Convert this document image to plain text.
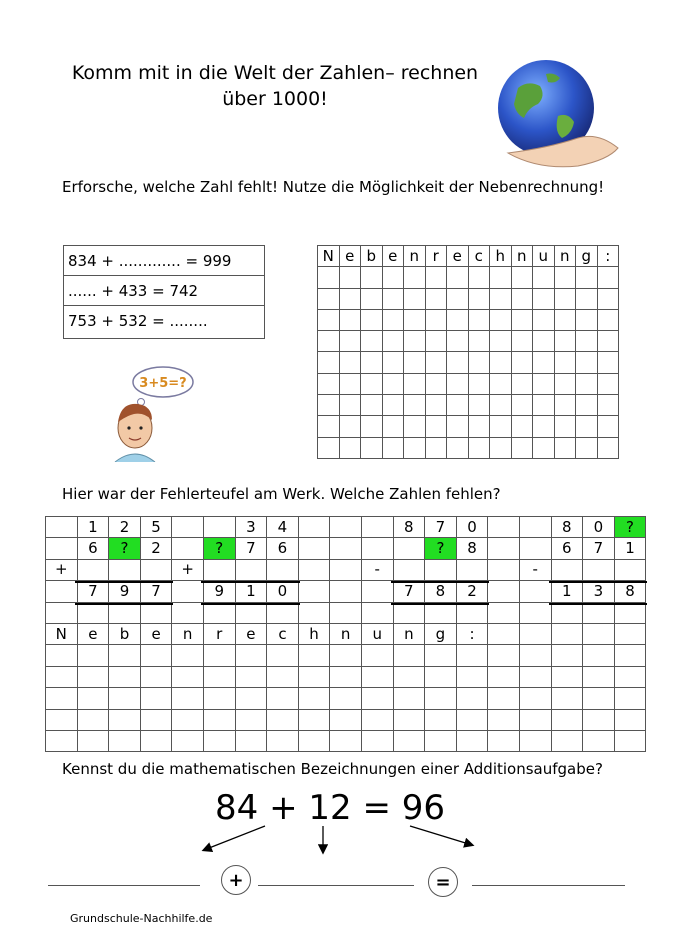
Komm mit in die Welt der Zahlen– rechnen
über 1000!
Erforsche, welche Zahl fehlt! Nutze die Möglichkeit der Nebenrechnung!
834 + ............. = 999
...... + 433 = 742
753 + 532 = ........
N	e	b	e	n	r	e	c	h	n	u	n	g	:

3+5=?
Hier war der Fehlerteufel am Werk. Welche Zahlen fehlen?
	1	2	5			3	4				8	7	0			8	0	?
	6	?	2		?	7	6					?	8			6	7	1
+				+						-					-			
	7	9	7		9	1	0				7	8	2			1	3	8

N	e	b	e	n	r	e	c	h	n	u	n	g	:					

Kennst du die mathematischen Bezeichnungen einer Additionsaufgabe?
84 + 12 = 96
+	=
Grundschule-Nachhilfe.de
